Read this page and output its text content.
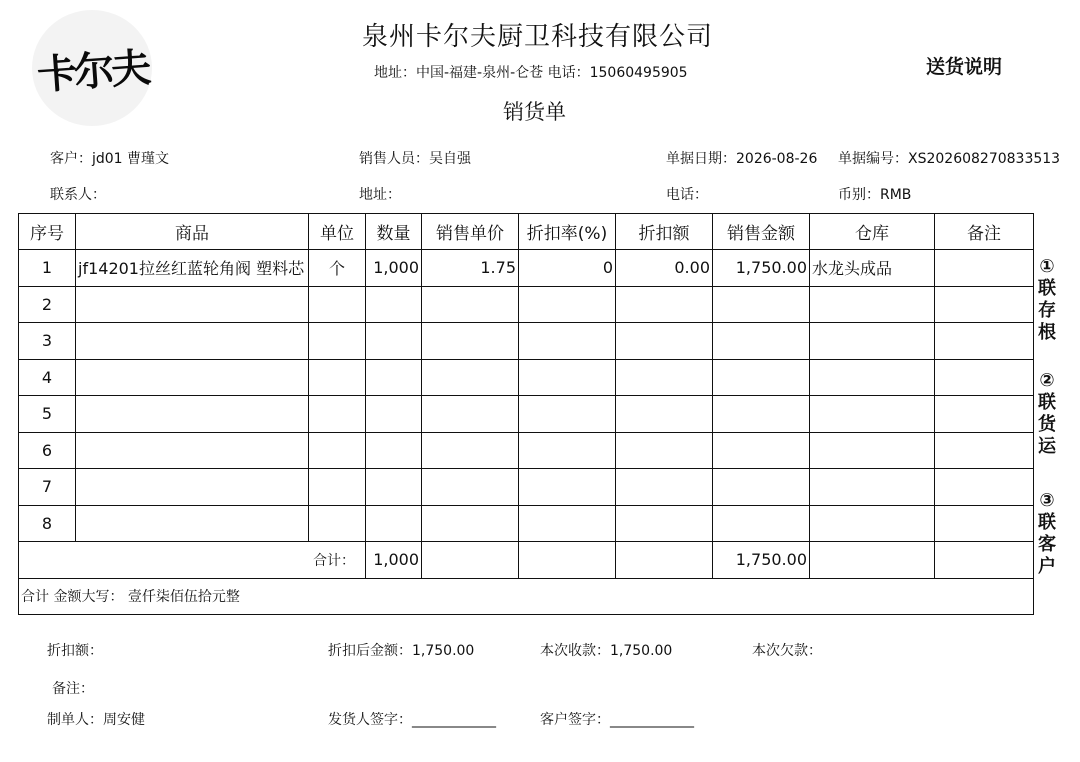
卡尔夫
泉州卡尔夫厨卫科技有限公司
地址：中国-福建-泉州-仑苍 电话：15060495905
销货单
送货说明
客户：jd01 曹瑾文	销售人员：吴自强	单据日期：2026-08-26 单据编号：XS202608270833513
联系人：	地址：	电话：	币别：RMB
序号	商品	单位	数量	销售单价	折扣率(%)	折扣额	销售金额	仓库	备注
1	jf14201拉丝红蓝轮角阀 塑料芯	个	1,000	1.75	0	0.00	1,750.00	水龙头成品	
2									
3									
4									
5									
6									
7									
8									
合计：			1,000				1,750.00		
合计 金额大写： 壹仟柒佰伍拾元整									
①联存根
②联货运
③联客户
折扣额：	折扣后金额：1,750.00	本次收款：1,750.00	本次欠款：
备注：
制单人：周安健	发货人签字：____________	客户签字：____________
